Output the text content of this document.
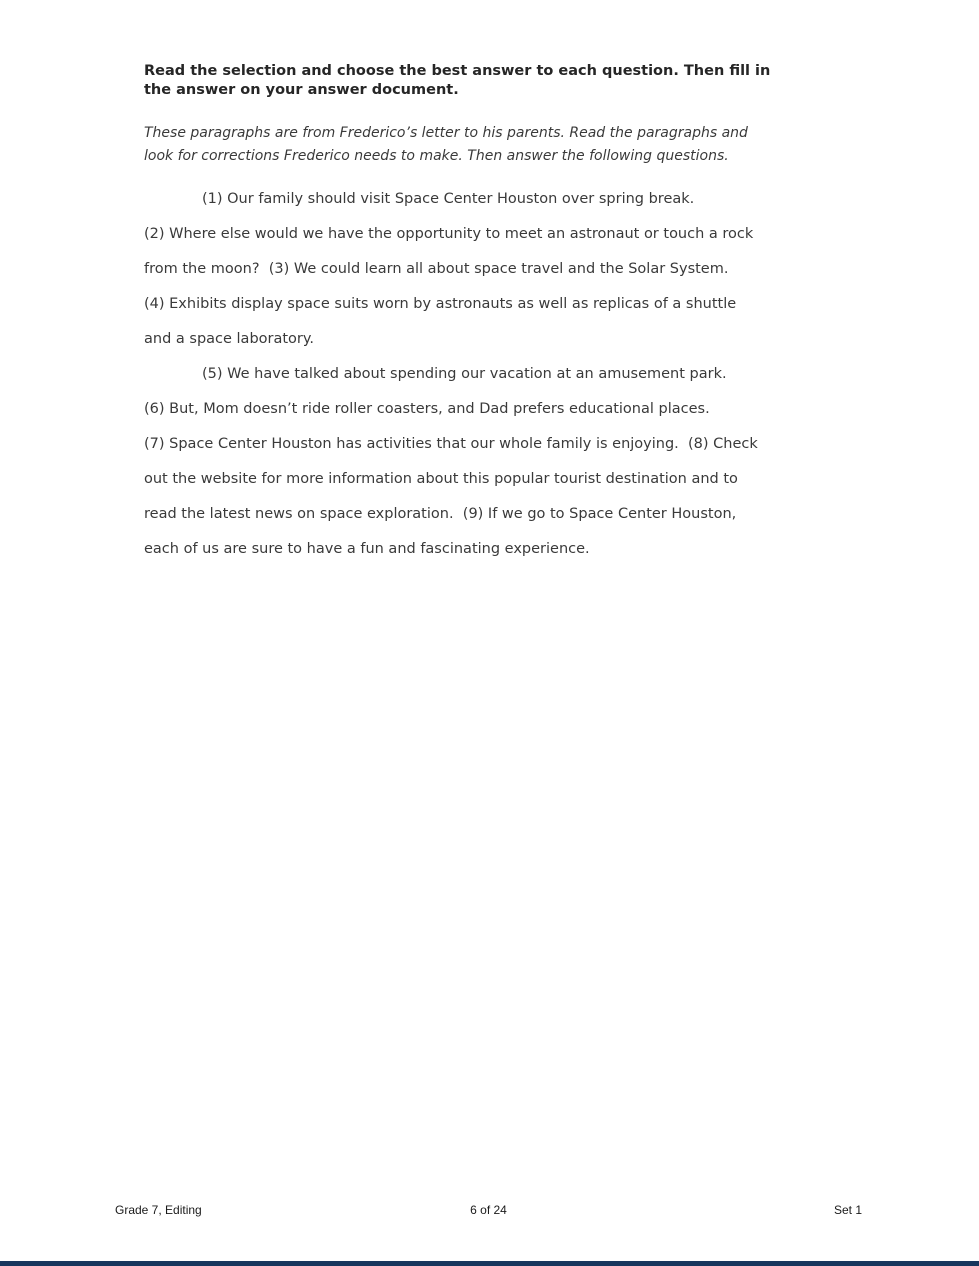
Read the selection and choose the best answer to each question. Then fill in
the answer on your answer document.
These paragraphs are from Frederico’s letter to his parents. Read the paragraphs and
look for corrections Frederico needs to make. Then answer the following questions.
(1) Our family should visit Space Center Houston over spring break.
(2) Where else would we have the opportunity to meet an astronaut or touch a rock
from the moon?  (3) We could learn all about space travel and the Solar System.
(4) Exhibits display space suits worn by astronauts as well as replicas of a shuttle
and a space laboratory.
(5) We have talked about spending our vacation at an amusement park.
(6) But, Mom doesn’t ride roller coasters, and Dad prefers educational places.
(7) Space Center Houston has activities that our whole family is enjoying.  (8) Check
out the website for more information about this popular tourist destination and to
read the latest news on space exploration.  (9) If we go to Space Center Houston,
each of us are sure to have a fun and fascinating experience.
Grade 7, Editing	6 of 24	Set 1
